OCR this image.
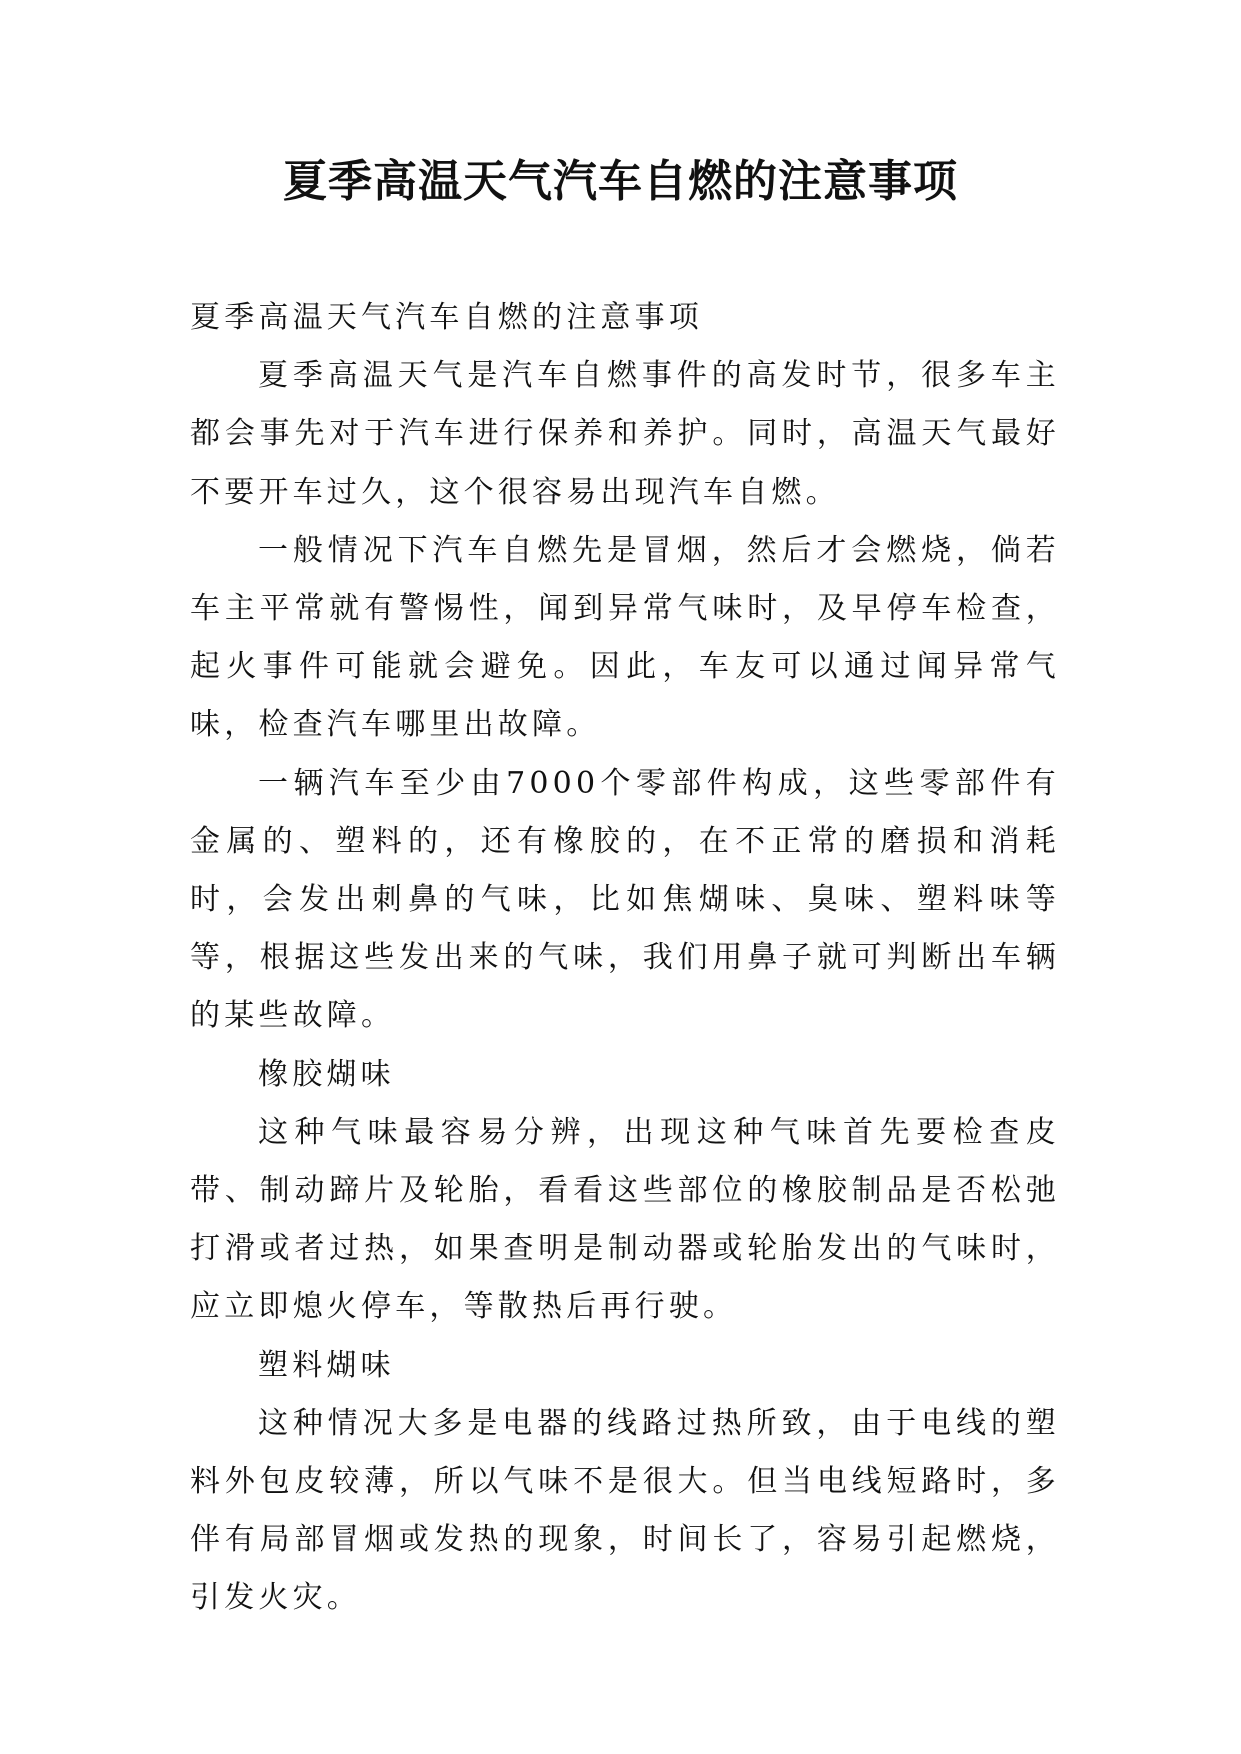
夏季高温天气汽车自燃的注意事项

夏季高温天气汽车自燃的注意事项

夏季高温天气是汽车自燃事件的高发时节，很多车主都会事先对于汽车进行保养和养护。同时，高温天气最好不要开车过久，这个很容易出现汽车自燃。

一般情况下汽车自燃先是冒烟，然后才会燃烧，倘若车主平常就有警惕性，闻到异常气味时，及早停车检查，起火事件可能就会避免。因此，车友可以通过闻异常气味，检查汽车哪里出故障。

一辆汽车至少由7000个零部件构成，这些零部件有金属的、塑料的，还有橡胶的，在不正常的磨损和消耗时，会发出刺鼻的气味，比如焦煳味、臭味、塑料味等等，根据这些发出来的气味，我们用鼻子就可判断出车辆的某些故障。

橡胶煳味

这种气味最容易分辨，出现这种气味首先要检查皮带、制动蹄片及轮胎，看看这些部位的橡胶制品是否松弛打滑或者过热，如果查明是制动器或轮胎发出的气味时，应立即熄火停车，等散热后再行驶。

塑料煳味

这种情况大多是电器的线路过热所致，由于电线的塑料外包皮较薄，所以气味不是很大。但当电线短路时，多伴有局部冒烟或发热的现象，时间长了，容易引起燃烧，引发火灾。
